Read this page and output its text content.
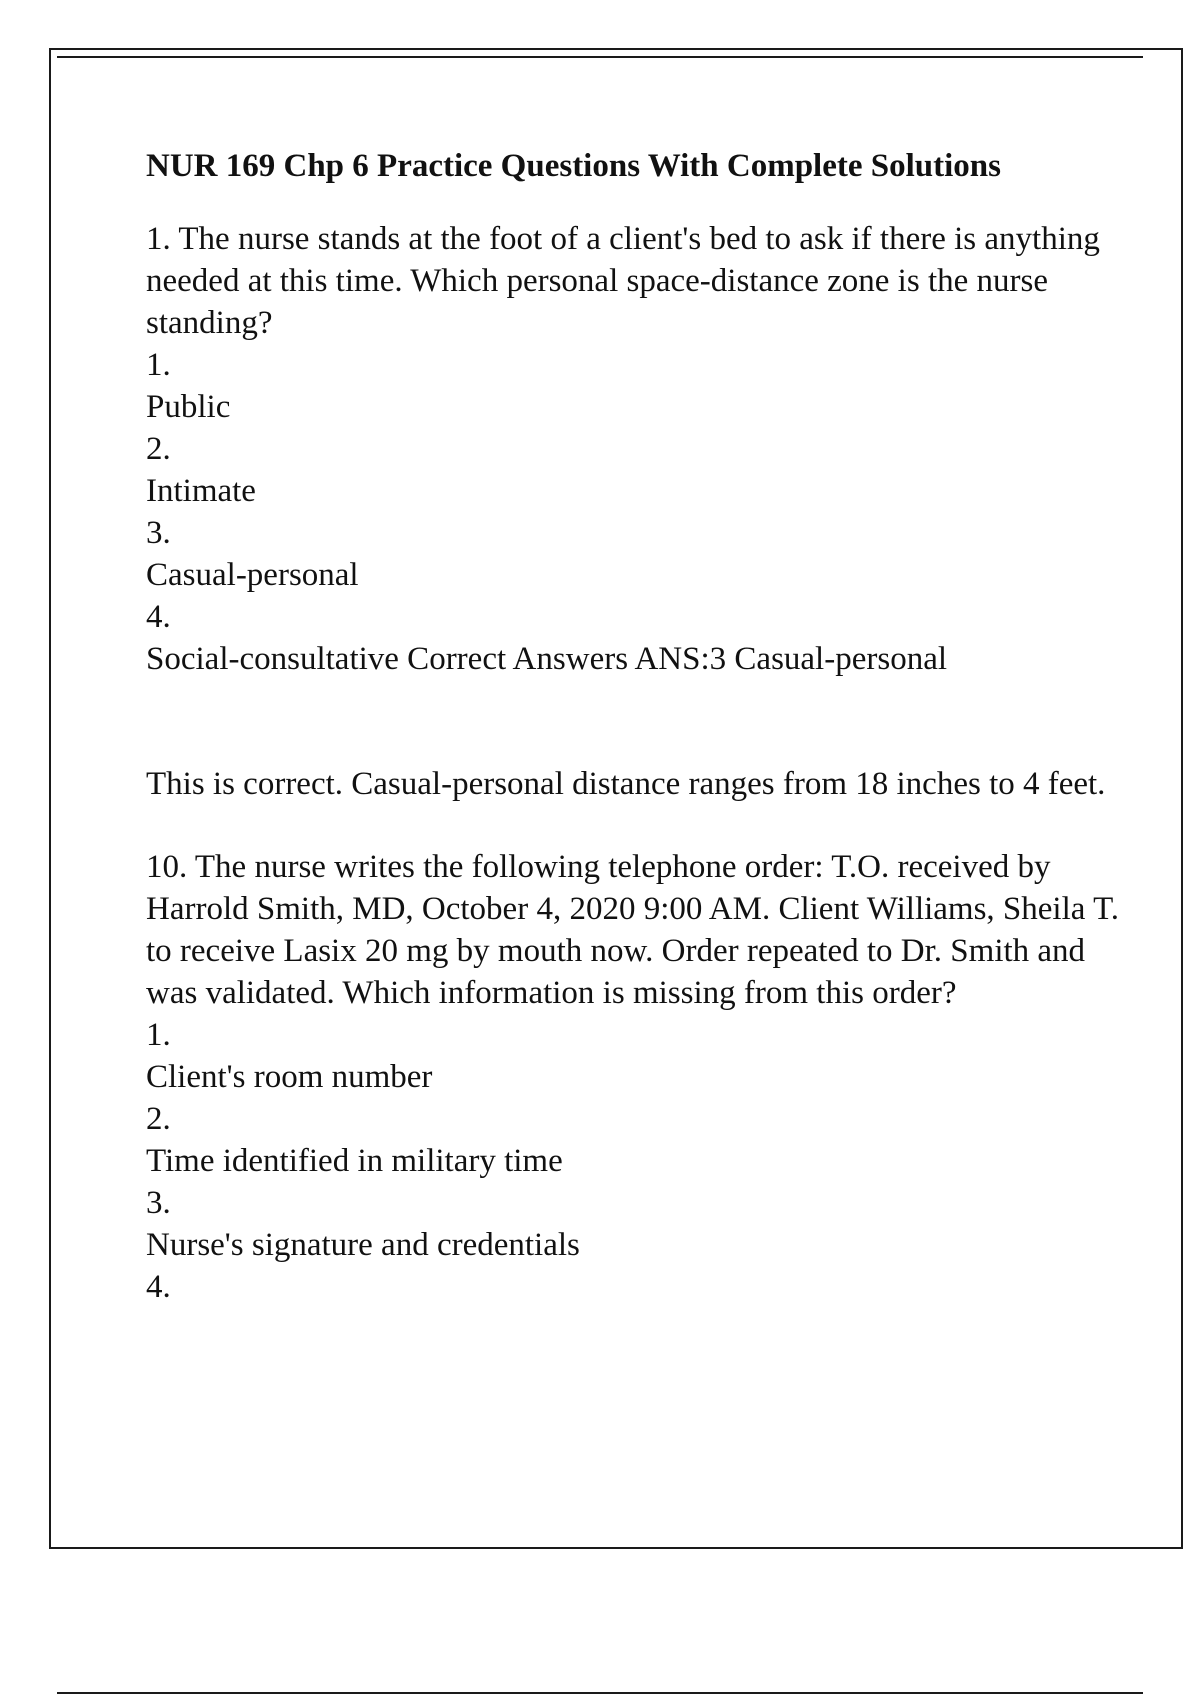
NUR 169 Chp 6 Practice Questions With Complete Solutions

1. The nurse stands at the foot of a client's bed to ask if there is anything needed at this time. Which personal space-distance zone is the nurse standing?

1.
Public
2.
Intimate
3.
Casual-personal
4.
Social-consultative Correct Answers ANS:3 Casual-personal

This is correct. Casual-personal distance ranges from 18 inches to 4 feet.

10. The nurse writes the following telephone order: T.O. received by Harrold Smith, MD, October 4, 2020 9:00 AM. Client Williams, Sheila T. to receive Lasix 20 mg by mouth now. Order repeated to Dr. Smith and was validated. Which information is missing from this order?

1.
Client's room number
2.
Time identified in military time
3.
Nurse's signature and credentials
4.
